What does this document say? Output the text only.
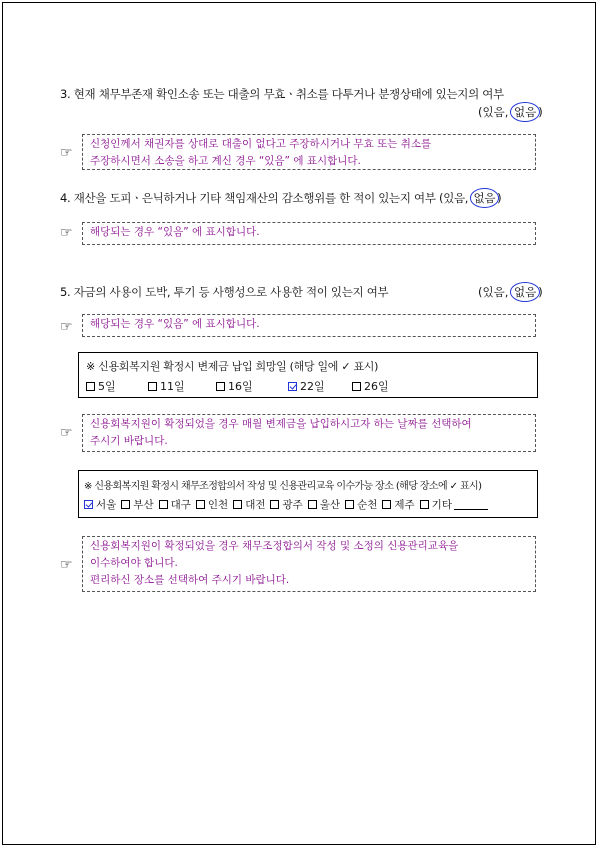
3. 현재 채무부존재 확인소송 또는 대출의 무효ㆍ취소를 다투거나 분쟁상태에 있는지의 여부
(있음, 없음 )
☞
신청인께서 채권자를 상대로 대출이 없다고 주장하시거나 무효 또는 취소를
주장하시면서 소송을 하고 계신 경우 “있음” 에 표시합니다.
4. 재산을 도피ㆍ은닉하거나 기타 책임재산의 감소행위를 한 적이 있는지 여부 (있음, 없음 )
☞ 해당되는 경우 “있음” 에 표시합니다.
5. 자금의 사용이 도박, 투기 등 사행성으로 사용한 적이 있는지 여부	(있음, 없음 )
☞ 해당되는 경우 “있음” 에 표시합니다.
※ 신용회복지원 확정시 변제금 납입 희망일 (해당 일에 ✓ 표시)
5일	11일	16일	22일	26일
☞
신용회복지원이 확정되었을 경우 매월 변제금을 납입하시고자 하는 날짜를 선택하여
주시기 바랍니다.
※ 신용회복지원 확정시 채무조정합의서 작성 및 신용관리교육 이수가능 장소 (해당 장소에 ✓ 표시)
서울 부산 대구 인천 대전 광주 울산 순천 제주 기타
☞
신용회복지원이 확정되었을 경우 채무조정합의서 작성 및 소정의 신용관리교육을
이수하여야 합니다.
편리하신 장소를 선택하여 주시기 바랍니다.
